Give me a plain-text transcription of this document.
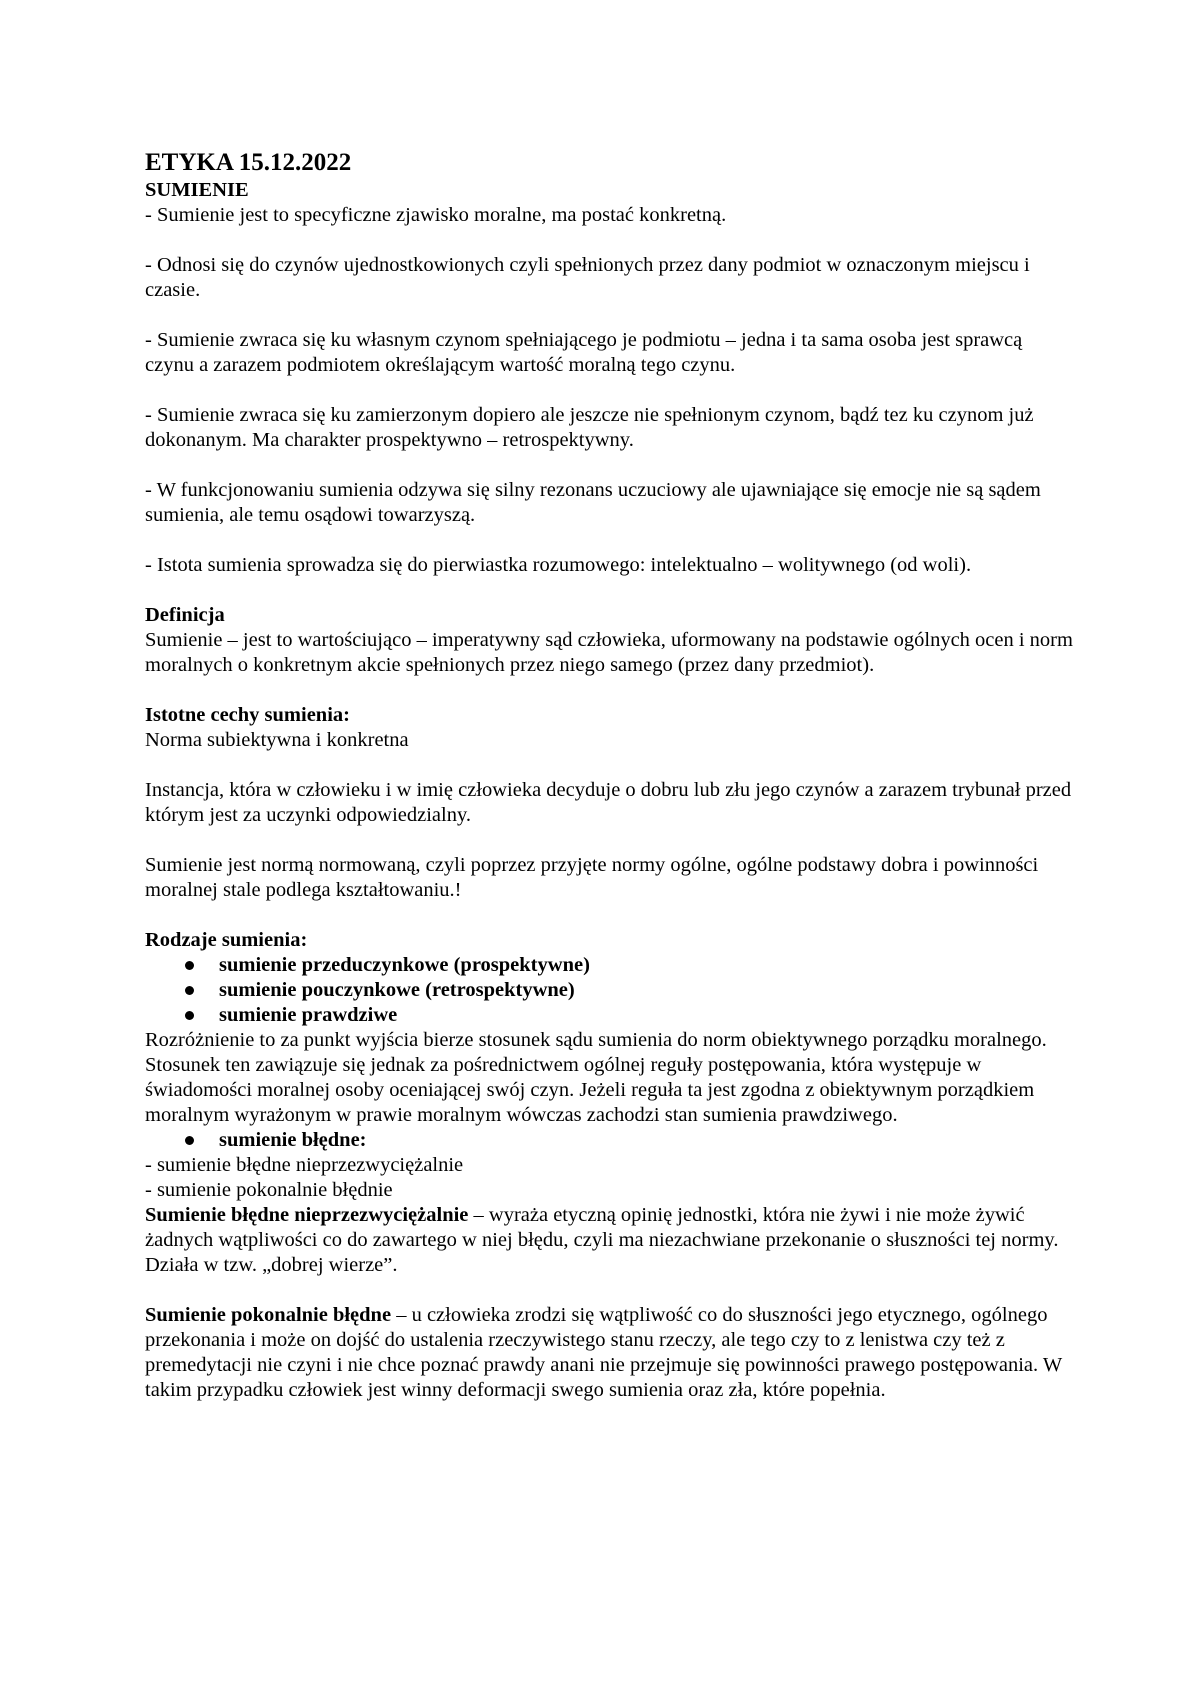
ETYKA 15.12.2022

SUMIENIE

- Sumienie jest to specyficzne zjawisko moralne, ma postać konkretną.

- Odnosi się do czynów ujednostkowionych czyli spełnionych przez dany podmiot w oznaczonym miejscu i czasie.

- Sumienie zwraca się ku własnym czynom spełniającego je podmiotu – jedna i ta sama osoba jest sprawcą czynu a zarazem podmiotem określającym wartość moralną tego czynu.

- Sumienie zwraca się ku zamierzonym dopiero ale jeszcze nie spełnionym czynom, bądź tez ku czynom już dokonanym. Ma charakter prospektywno – retrospektywny.

- W funkcjonowaniu sumienia odzywa się silny rezonans uczuciowy ale ujawniające się emocje nie są sądem sumienia, ale temu osądowi towarzyszą.

- Istota sumienia sprowadza się do pierwiastka rozumowego: intelektualno – wolitywnego (od woli).

Definicja

Sumienie – jest to wartościująco – imperatywny sąd człowieka, uformowany na podstawie ogólnych ocen i norm moralnych o konkretnym akcie spełnionych przez niego samego (przez dany przedmiot).

Istotne cechy sumienia:

Norma subiektywna i konkretna

Instancja, która w człowieku i w imię człowieka decyduje o dobru lub złu jego czynów a zarazem trybunał przed którym jest za uczynki odpowiedzialny.

Sumienie jest normą normowaną, czyli poprzez przyjęte normy ogólne, ogólne podstawy dobra i powinności moralnej stale podlega kształtowaniu.!

Rodzaje sumienia:

sumienie przeduczynkowe (prospektywne)
sumienie pouczynkowe (retrospektywne)
sumienie prawdziwe

Rozróżnienie to za punkt wyjścia bierze stosunek sądu sumienia do norm obiektywnego porządku moralnego. Stosunek ten zawiązuje się jednak za pośrednictwem ogólnej reguły postępowania, która występuje w świadomości moralnej osoby oceniającej swój czyn. Jeżeli reguła ta jest zgodna z obiektywnym porządkiem moralnym wyrażonym w prawie moralnym wówczas zachodzi stan sumienia prawdziwego.

sumienie błędne:

- sumienie błędne nieprzezwyciężalnie

- sumienie pokonalnie błędnie

Sumienie błędne nieprzezwyciężalnie – wyraża etyczną opinię jednostki, która nie żywi i nie może żywić żadnych wątpliwości co do zawartego w niej błędu, czyli ma niezachwiane przekonanie o słuszności tej normy. Działa w tzw. „dobrej wierze”.

Sumienie pokonalnie błędne – u człowieka zrodzi się wątpliwość co do słuszności jego etycznego, ogólnego przekonania i może on dojść do ustalenia rzeczywistego stanu rzeczy, ale tego czy to z lenistwa czy też z premedytacji nie czyni i nie chce poznać prawdy anani nie przejmuje się powinności prawego postępowania. W takim przypadku człowiek jest winny deformacji swego sumienia oraz zła, które popełnia.
